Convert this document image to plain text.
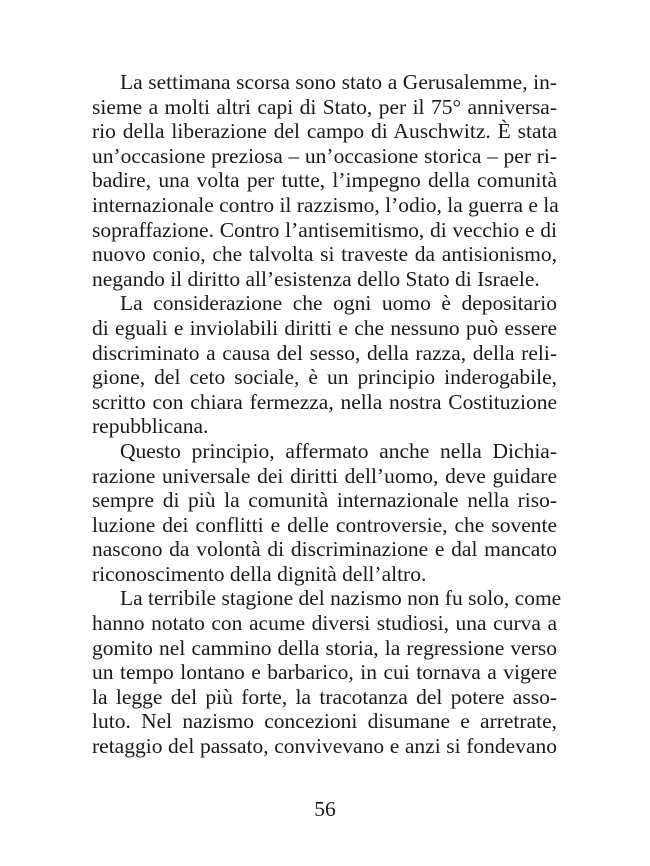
La settimana scorsa sono stato a Gerusalemme, in-
sieme a molti altri capi di Stato, per il 75° anniversa-
rio della liberazione del campo di Auschwitz. È stata
un’occasione preziosa – un’occasione storica – per ri-
badire, una volta per tutte, l’impegno della comunità
internazionale contro il razzismo, l’odio, la guerra e la
sopraffazione. Contro l’antisemitismo, di vecchio e di
nuovo conio, che talvolta si traveste da antisionismo,
negando il diritto all’esistenza dello Stato di Israele.
La considerazione che ogni uomo è depositario
di eguali e inviolabili diritti e che nessuno può essere
discriminato a causa del sesso, della razza, della reli-
gione, del ceto sociale, è un principio inderogabile,
scritto con chiara fermezza, nella nostra Costituzione
repubblicana.
Questo principio, affermato anche nella Dichia-
razione universale dei diritti dell’uomo, deve guidare
sempre di più la comunità internazionale nella riso-
luzione dei conflitti e delle controversie, che sovente
nascono da volontà di discriminazione e dal mancato
riconoscimento della dignità dell’altro.
La terribile stagione del nazismo non fu solo, come
hanno notato con acume diversi studiosi, una curva a
gomito nel cammino della storia, la regressione verso
un tempo lontano e barbarico, in cui tornava a vigere
la legge del più forte, la tracotanza del potere asso-
luto. Nel nazismo concezioni disumane e arretrate,
retaggio del passato, convivevano e anzi si fondevano
56
